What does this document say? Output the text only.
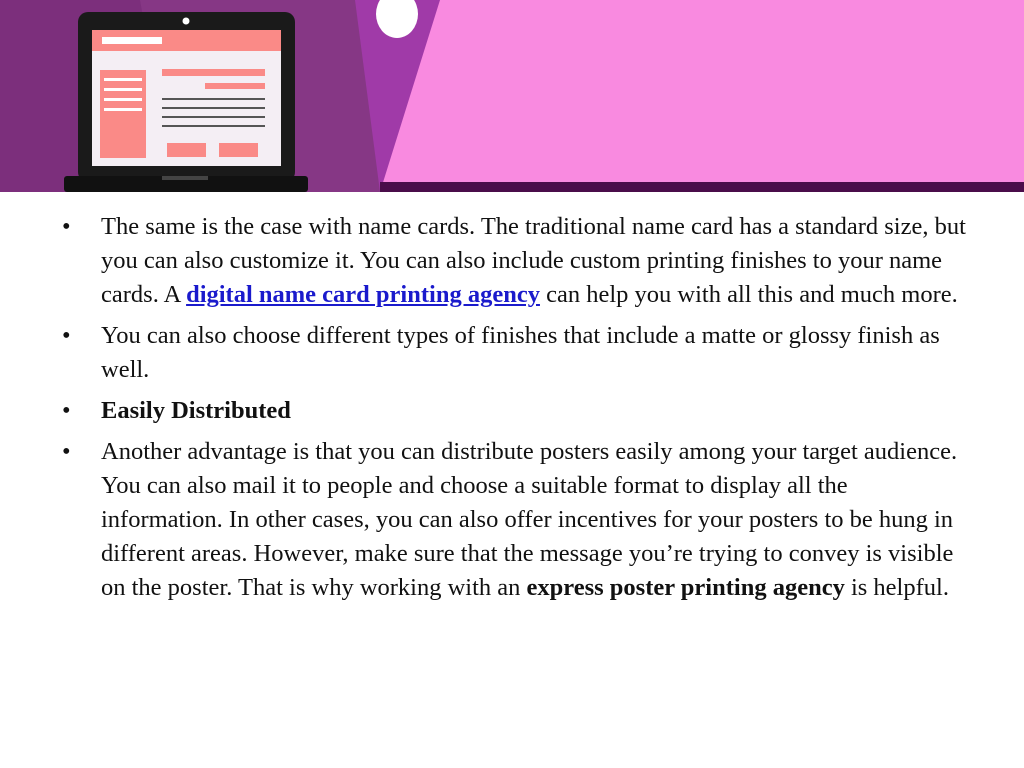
• The same is the case with name cards. The traditional name card has a standard size, but you can also customize it. You can also include custom printing finishes to your name cards. A digital name card printing agency can help you with all this and much more.
• You can also choose different types of finishes that include a matte or glossy finish as well.
• Easily Distributed
• Another advantage is that you can distribute posters easily among your target audience. You can also mail it to people and choose a suitable format to display all the information. In other cases, you can also offer incentives for your posters to be hung in different areas. However, make sure that the message you’re trying to convey is visible on the poster. That is why working with an express poster printing agency is helpful.
